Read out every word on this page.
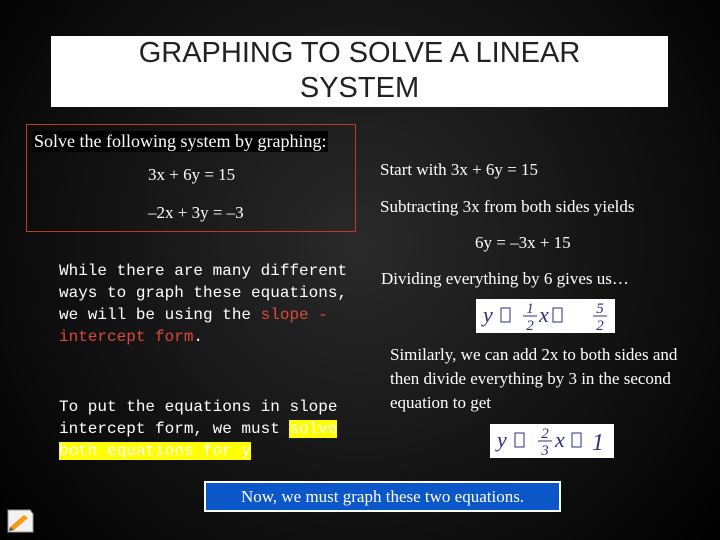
GRAPHING TO SOLVE A LINEAR
SYSTEM
Solve the following system by graphing:
3x + 6y = 15
–2x + 3y = –3
Start with 3x + 6y = 15
Subtracting 3x from both sides yields
6y = –3x + 15
Dividing everything by 6 gives us…
y 1
2 x	5
2
Similarly, we can add 2x to both sides and then divide everything by 3 in the second equation to get
y 2
3 x 1
While there are many different ways to graph these equations, we will be using the slope - intercept form.
To put the equations in slope intercept form, we must solve both equations for y
Now, we must graph these two equations.
